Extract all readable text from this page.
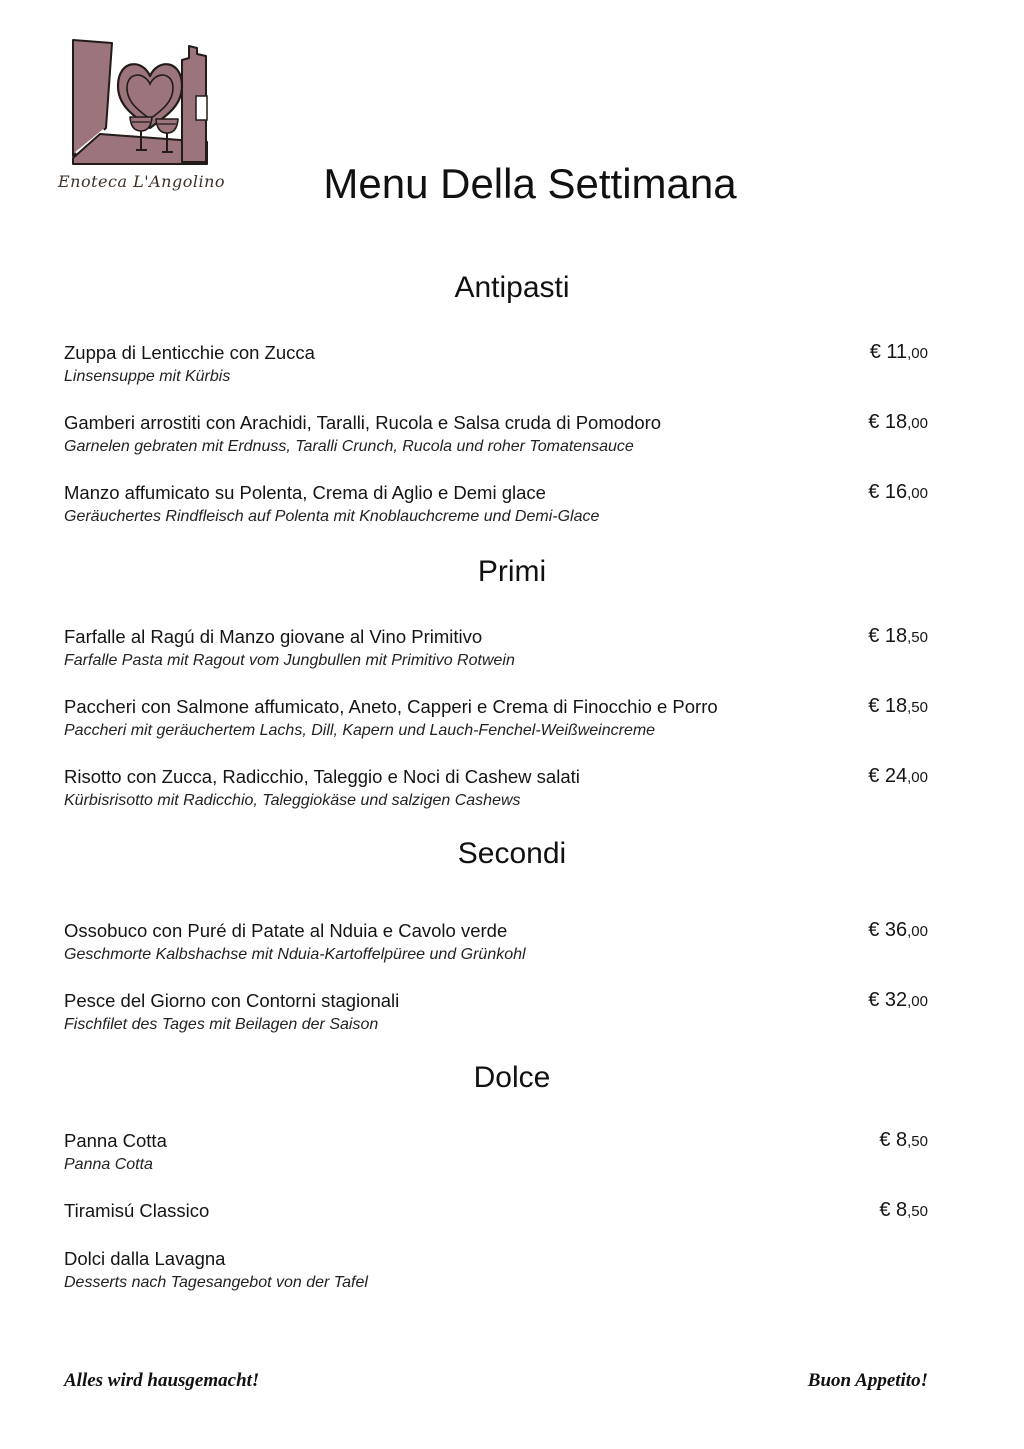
Enoteca L'Angolino	Menu Della Settimana
Antipasti
Zuppa di Lenticchie con Zucca
Linsensuppe mit Kürbis
€ 11,00
Gamberi arrostiti con Arachidi, Taralli, Rucola e Salsa cruda di Pomodoro
Garnelen gebraten mit Erdnuss, Taralli Crunch, Rucola und roher Tomatensauce
€ 18,00
Manzo affumicato su Polenta, Crema di Aglio e Demi glace
Geräuchertes Rindfleisch auf Polenta mit Knoblauchcreme und Demi-Glace
€ 16,00
Primi
Farfalle al Ragú di Manzo giovane al Vino Primitivo
Farfalle Pasta mit Ragout vom Jungbullen mit Primitivo Rotwein
€ 18,50
Paccheri con Salmone affumicato, Aneto, Capperi e Crema di Finocchio e Porro
Paccheri mit geräuchertem Lachs, Dill, Kapern und Lauch-Fenchel-Weißweincreme
€ 18,50
Risotto con Zucca, Radicchio, Taleggio e Noci di Cashew salati
Kürbisrisotto mit Radicchio, Taleggiokäse und salzigen Cashews
€ 24,00
Secondi
Ossobuco con Puré di Patate al Nduia e Cavolo verde
Geschmorte Kalbshachse mit Nduia-Kartoffelpüree und Grünkohl
€ 36,00
Pesce del Giorno con Contorni stagionali
Fischfilet des Tages mit Beilagen der Saison
€ 32,00
Dolce
Panna Cotta
Panna Cotta
€ 8,50
Tiramisú Classico	€ 8,50
Dolci dalla Lavagna
Desserts nach Tagesangebot von der Tafel
Alles wird hausgemacht!	Buon Appetito!
